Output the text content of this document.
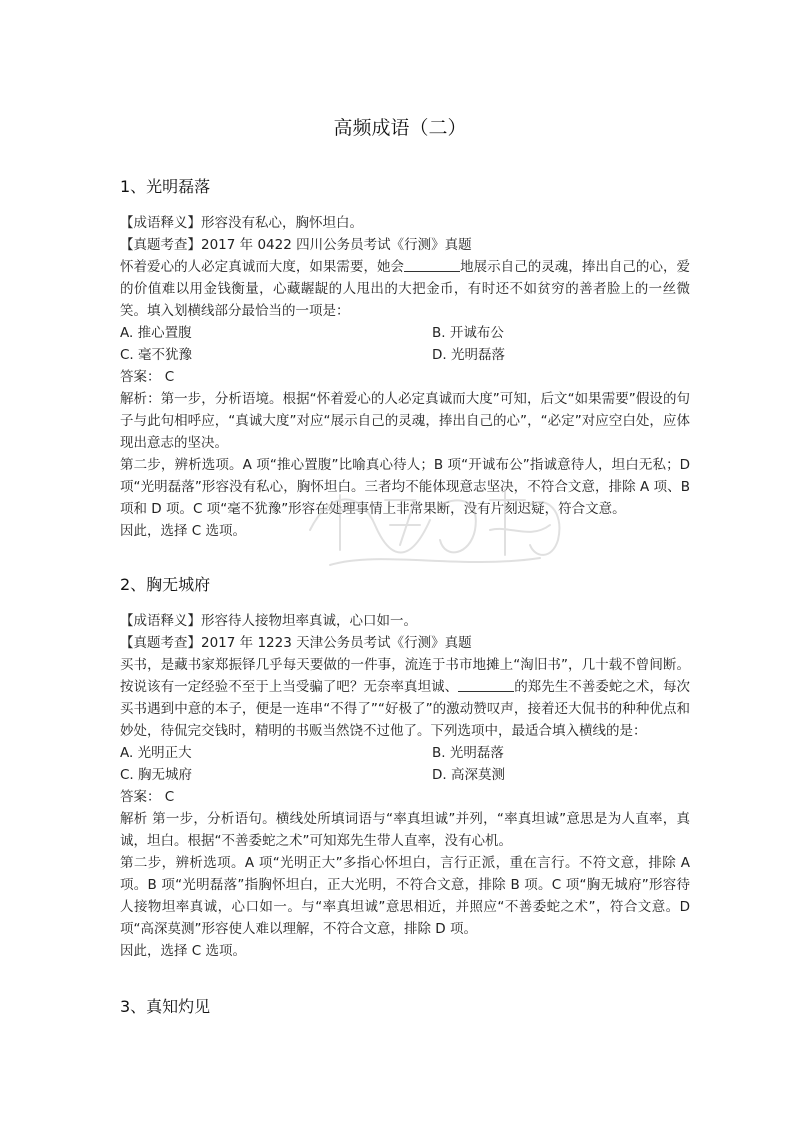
高频成语（二）

1、光明磊落

【成语释义】形容没有私心，胸怀坦白。

【真题考查】2017 年 0422 四川公务员考试《行测》真题

怀着爱心的人必定真诚而大度，如果需要，她会	地展示自己的灵魂，捧出自己的心，爱的价值难以用金钱衡量，心藏龌龊的人甩出的大把金币，有时还不如贫穷的善者脸上的一丝微笑。填入划横线部分最恰当的一项是：

A. 推心置腹	B. 开诚布公
C. 毫不犹豫	D. 光明磊落

答案： C

解析：第一步，分析语境。根据“怀着爱心的人必定真诚而大度”可知，后文“如果需要”假设的句子与此句相呼应，“真诚大度”对应“展示自己的灵魂，捧出自己的心”，“必定”对应空白处，应体现出意志的坚决。

第二步，辨析选项。A 项“推心置腹”比喻真心待人；B 项“开诚布公”指诚意待人，坦白无私；D 项“光明磊落”形容没有私心，胸怀坦白。三者均不能体现意志坚决，不符合文意，排除 A 项、B 项和 D 项。C 项“毫不犹豫”形容在处理事情上非常果断，没有片刻迟疑，符合文意。

因此，选择 C 选项。

2、胸无城府

【成语释义】形容待人接物坦率真诚，心口如一。

【真题考查】2017 年 1223 天津公务员考试《行测》真题

买书，是藏书家郑振铎几乎每天要做的一件事，流连于书市地摊上“淘旧书”，几十载不曾间断。按说该有一定经验不至于上当受骗了吧？无奈率真坦诚、	的郑先生不善委蛇之术，每次买书遇到中意的本子，便是一连串“不得了”“好极了”的激动赞叹声，接着还大侃书的种种优点和妙处，待侃完交钱时，精明的书贩当然饶不过他了。下列选项中，最适合填入横线的是：

A. 光明正大	B. 光明磊落
C. 胸无城府	D. 高深莫测

答案： C

解析 第一步，分析语句。横线处所填词语与“率真坦诚”并列，“率真坦诚”意思是为人直率，真诚，坦白。根据“不善委蛇之术”可知郑先生带人直率，没有心机。

第二步，辨析选项。A 项“光明正大”多指心怀坦白，言行正派，重在言行。不符文意，排除 A 项。B 项“光明磊落”指胸怀坦白，正大光明，不符合文意，排除 B 项。C 项“胸无城府”形容待人接物坦率真诚，心口如一。与“率真坦诚”意思相近，并照应“不善委蛇之术”，符合文意。D 项“高深莫测”形容使人难以理解，不符合文意，排除 D 项。

因此，选择 C 选项。

3、真知灼见
